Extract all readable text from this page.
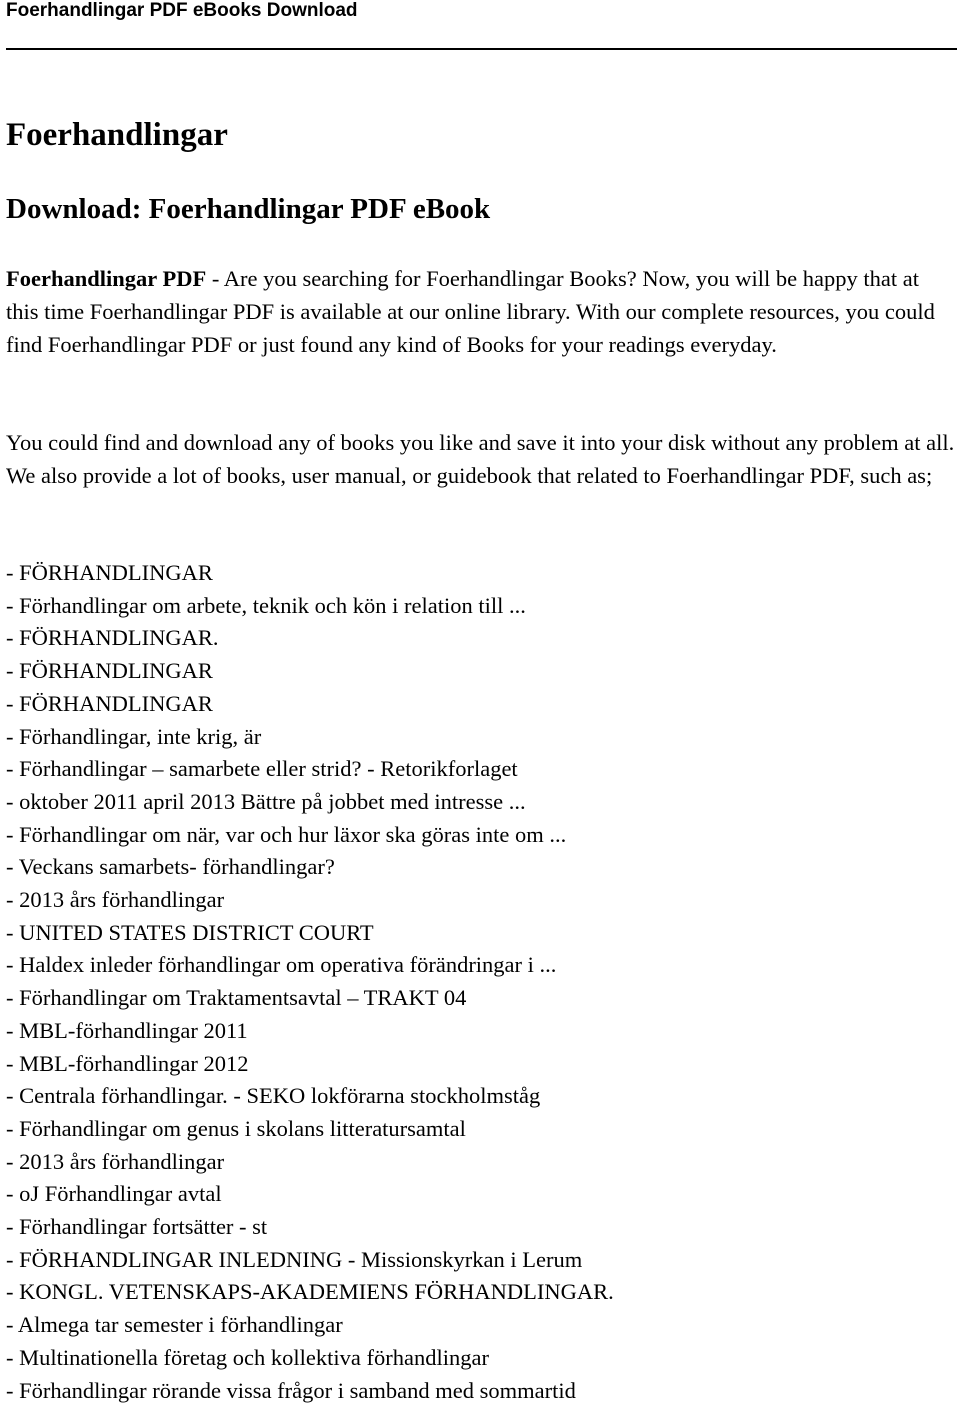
Foerhandlingar PDF eBooks Download
Foerhandlingar
Download: Foerhandlingar PDF eBook

Foerhandlingar PDF - Are you searching for Foerhandlingar Books? Now, you will be happy that at this time Foerhandlingar PDF is available at our online library. With our complete resources, you could find Foerhandlingar PDF or just found any kind of Books for your readings everyday.

You could find and download any of books you like and save it into your disk without any problem at all. We also provide a lot of books, user manual, or guidebook that related to Foerhandlingar PDF, such as;

- FÖRHANDLINGAR
- Förhandlingar om arbete, teknik och kön i relation till ...
- FÖRHANDLINGAR.
- FÖRHANDLINGAR
- FÖRHANDLINGAR
- Förhandlingar, inte krig, är
- Förhandlingar – samarbete eller strid? - Retorikforlaget
- oktober 2011 april 2013 Bättre på jobbet med intresse ...
- Förhandlingar om när, var och hur läxor ska göras inte om ...
- Veckans samarbets- förhandlingar?
- 2013 års förhandlingar
- UNITED STATES DISTRICT COURT
- Haldex inleder förhandlingar om operativa förändringar i ...
- Förhandlingar om Traktamentsavtal – TRAKT 04
- MBL-förhandlingar 2011
- MBL-förhandlingar 2012
- Centrala förhandlingar. - SEKO lokförarna stockholmståg
- Förhandlingar om genus i skolans litteratursamtal
- 2013 års förhandlingar
- oJ Förhandlingar avtal
- Förhandlingar fortsätter - st
- FÖRHANDLINGAR INLEDNING - Missionskyrkan i Lerum
- KONGL. VETENSKAPS-AKADEMIENS FÖRHANDLINGAR.
- Almega tar semester i förhandlingar
- Multinationella företag och kollektiva förhandlingar
- Förhandlingar rörande vissa frågor i samband med sommartid
